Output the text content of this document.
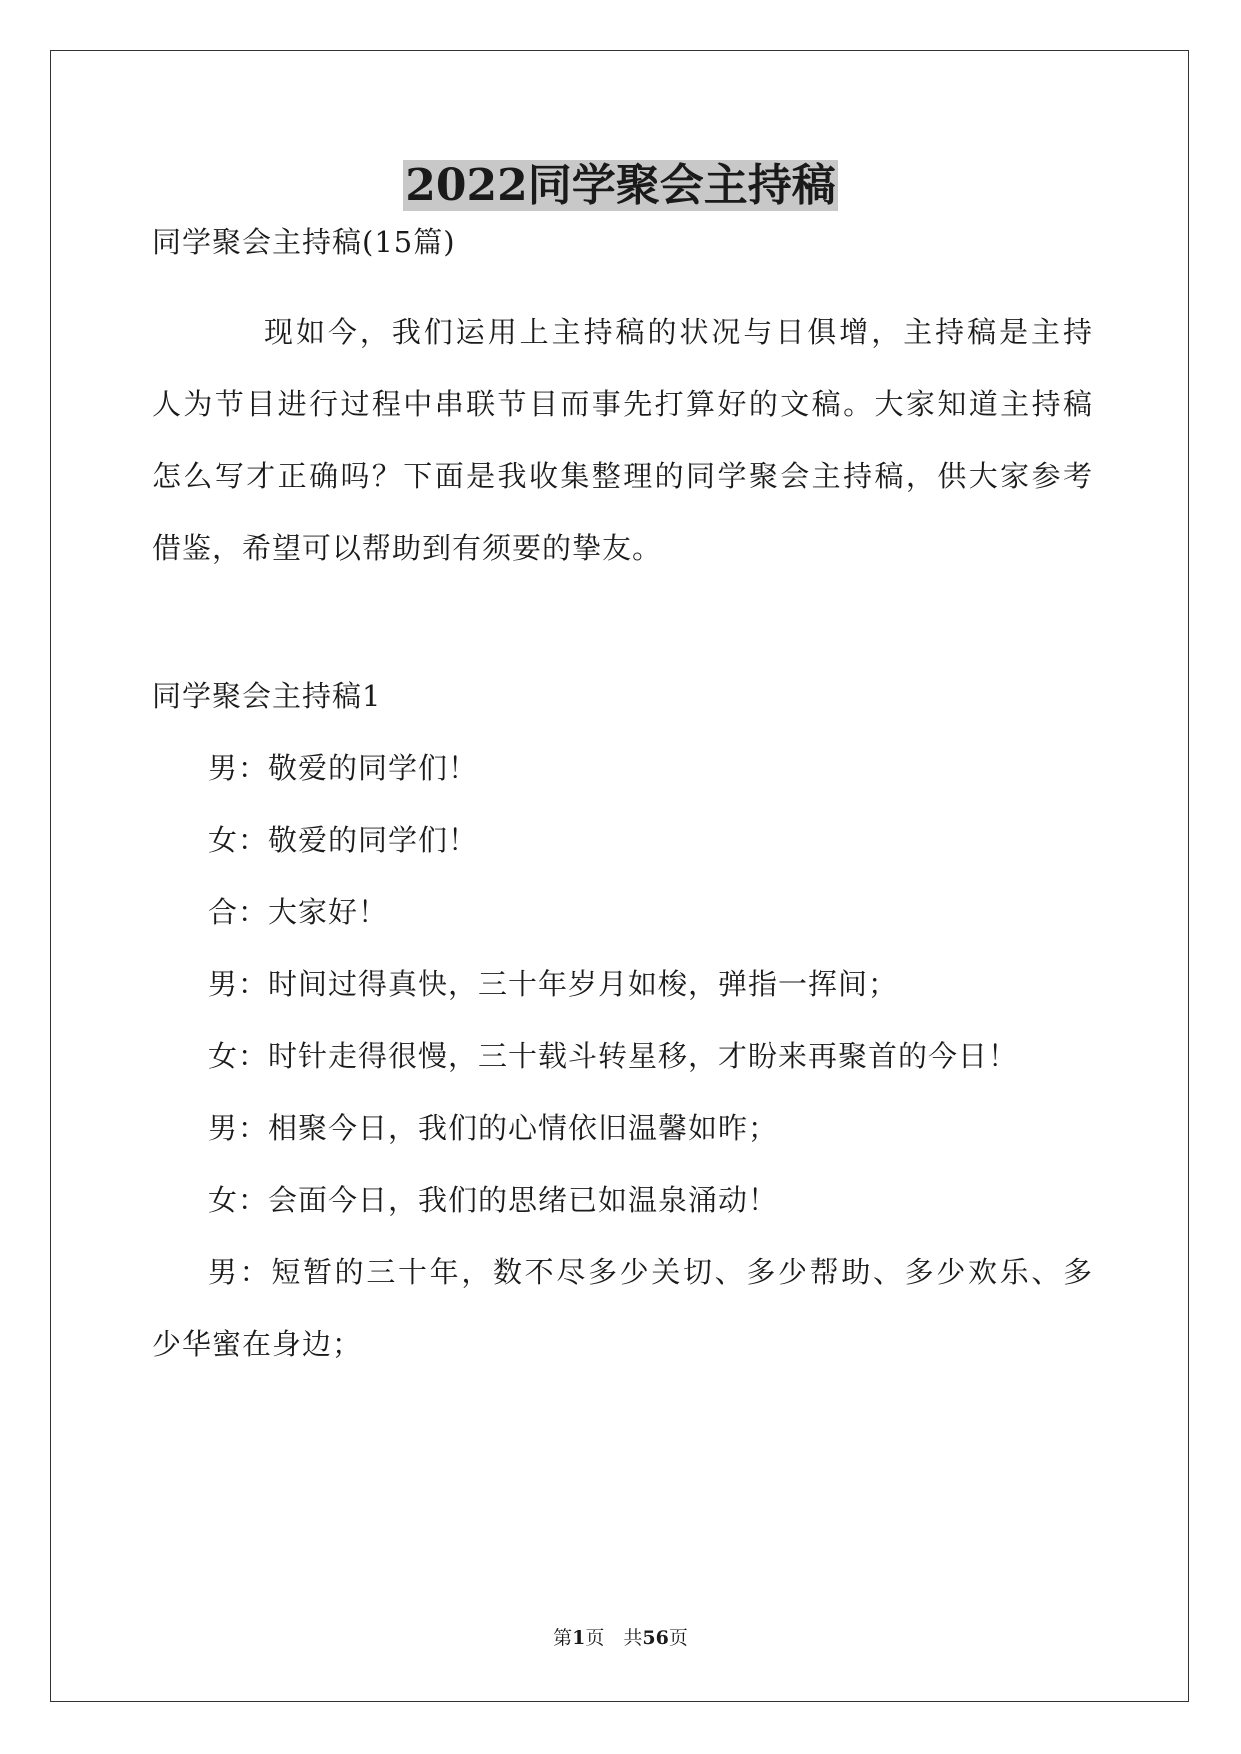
2022同学聚会主持稿
同学聚会主持稿(15篇)
现如今，我们运用上主持稿的状况与日俱增，主持稿是主持
人为节目进行过程中串联节目而事先打算好的文稿。大家知道主持稿
怎么写才正确吗？下面是我收集整理的同学聚会主持稿，供大家参考
借鉴，希望可以帮助到有须要的挚友。
同学聚会主持稿1
男：敬爱的同学们！
女：敬爱的同学们！
合：大家好！
男：时间过得真快，三十年岁月如梭，弹指一挥间；
女：时针走得很慢，三十载斗转星移，才盼来再聚首的今日！
男：相聚今日，我们的心情依旧温馨如昨；
女：会面今日，我们的思绪已如温泉涌动！
男：短暂的三十年，数不尽多少关切、多少帮助、多少欢乐、多
少华蜜在身边；
第1页　共56页
